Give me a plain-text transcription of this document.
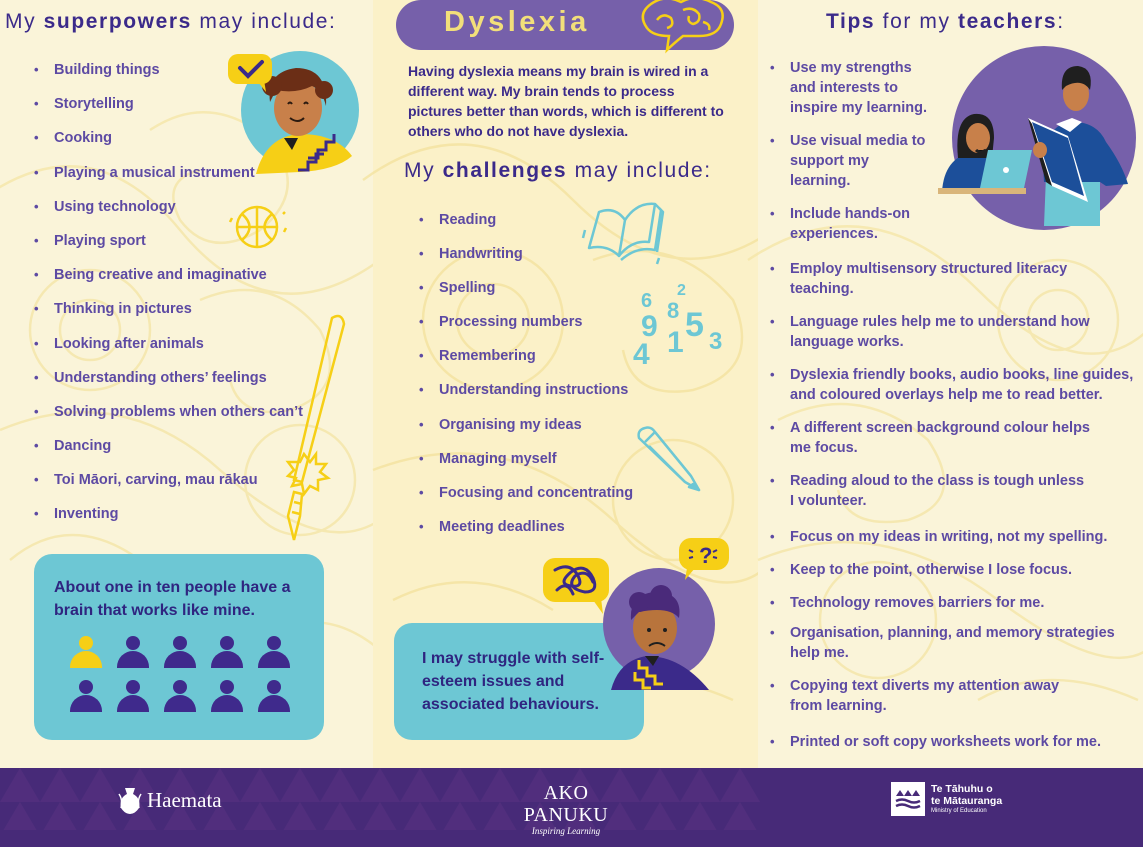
My superpowers may include:
• Building things
• Storytelling
• Cooking
• Playing a musical instrument
• Using technology
• Playing sport
• Being creative and imaginative
• Thinking in pictures
• Looking after animals
• Understanding others’ feelings
• Solving problems when others can’t
• Dancing
• Toi Māori, carving, mau rākau
• Inventing

About one in ten people have a brain that works like mine.

Dyslexia

Having dyslexia means my brain is wired in a different way. My brain tends to process pictures better than words, which is different to others who do not have dyslexia.

My challenges may include:
• Reading
• Handwriting
• Spelling
• Processing numbers
• Remembering
• Understanding instructions
• Organising my ideas
• Managing myself
• Focusing and concentrating
• Meeting deadlines
6 2
8 5
9 1 3
4

I may struggle with self-esteem issues and associated behaviours.

?
Tips for my teachers:
• Use my strengths and interests to inspire my learning.
• Use visual media to support my learning.
• Include hands-on experiences.
• Employ multisensory structured literacy teaching.
• Language rules help me to understand how language works.
• Dyslexia friendly books, audio books, line guides, and coloured overlays help me to read better.
• A different screen background colour helps me focus.
• Reading aloud to the class is tough unless I volunteer.
• Focus on my ideas in writing, not my spelling.
• Keep to the point, otherwise I lose focus.
• Technology removes barriers for me.
• Organisation, planning, and memory strategies help me.
• Copying text diverts my attention away from learning.
• Printed or soft copy worksheets work for me.
•
Haemata	AKO PANUKU
Inspiring Learning
Te Tāhuhu o
te Mātauranga
Ministry of Education
